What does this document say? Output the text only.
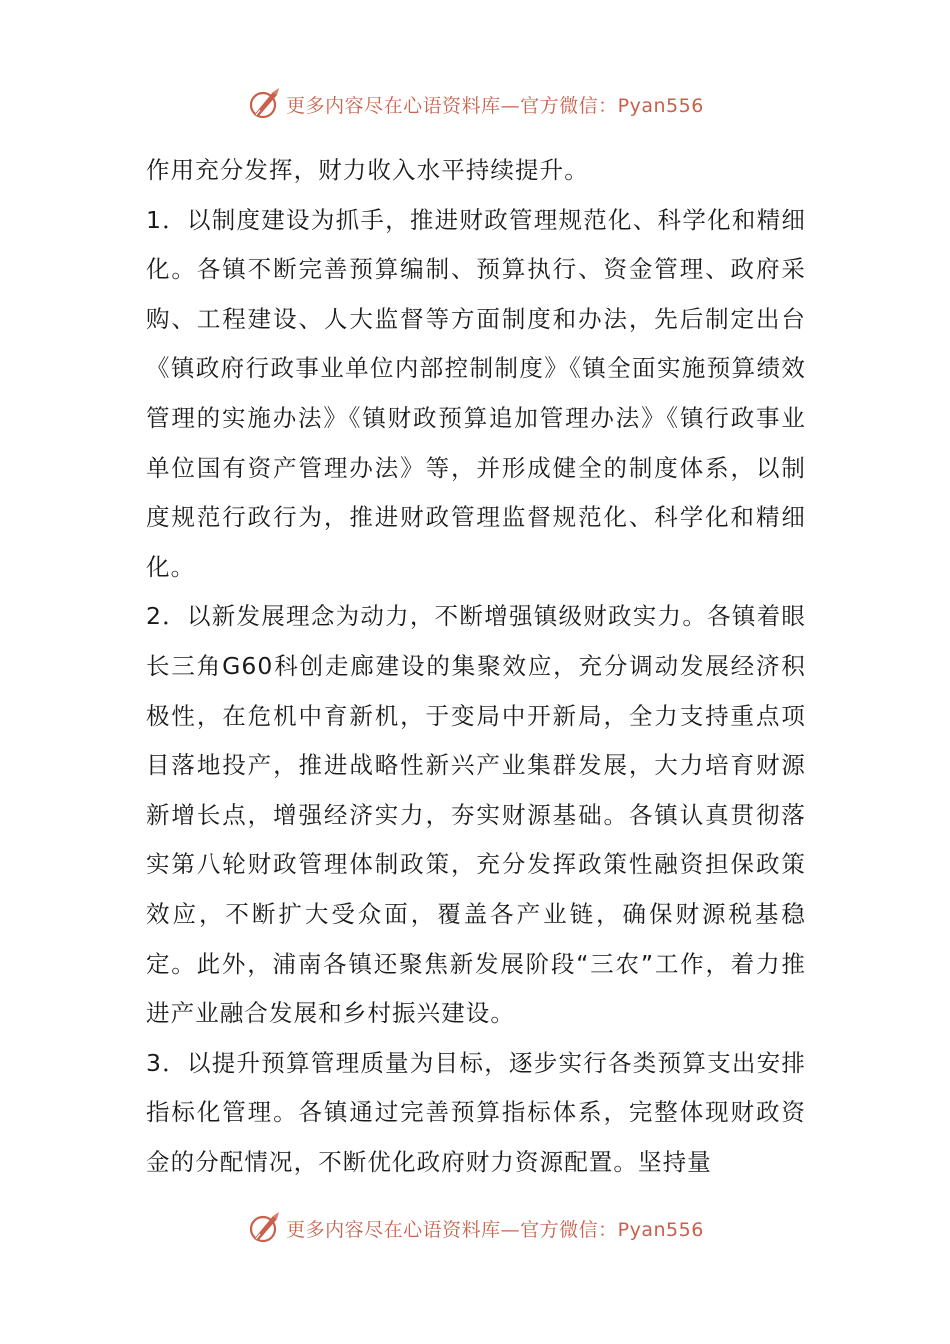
更多内容尽在心语资料库—官方微信：Pyan556

作用充分发挥，财力收入水平持续提升。

1．以制度建设为抓手，推进财政管理规范化、科学化和精细化。各镇不断完善预算编制、预算执行、资金管理、政府采购、工程建设、人大监督等方面制度和办法，先后制定出台《镇政府行政事业单位内部控制制度》《镇全面实施预算绩效管理的实施办法》《镇财政预算追加管理办法》《镇行政事业单位国有资产管理办法》等，并形成健全的制度体系，以制度规范行政行为，推进财政管理监督规范化、科学化和精细化。

2．以新发展理念为动力，不断增强镇级财政实力。各镇着眼长三角G60科创走廊建设的集聚效应，充分调动发展经济积极性，在危机中育新机，于变局中开新局，全力支持重点项目落地投产，推进战略性新兴产业集群发展，大力培育财源新增长点，增强经济实力，夯实财源基础。各镇认真贯彻落实第八轮财政管理体制政策，充分发挥政策性融资担保政策效应，不断扩大受众面，覆盖各产业链，确保财源税基稳定。此外，浦南各镇还聚焦新发展阶段“三农”工作，着力推进产业融合发展和乡村振兴建设。

3．以提升预算管理质量为目标，逐步实行各类预算支出安排指标化管理。各镇通过完善预算指标体系，完整体现财政资金的分配情况，不断优化政府财力资源配置。坚持量

更多内容尽在心语资料库—官方微信：Pyan556
